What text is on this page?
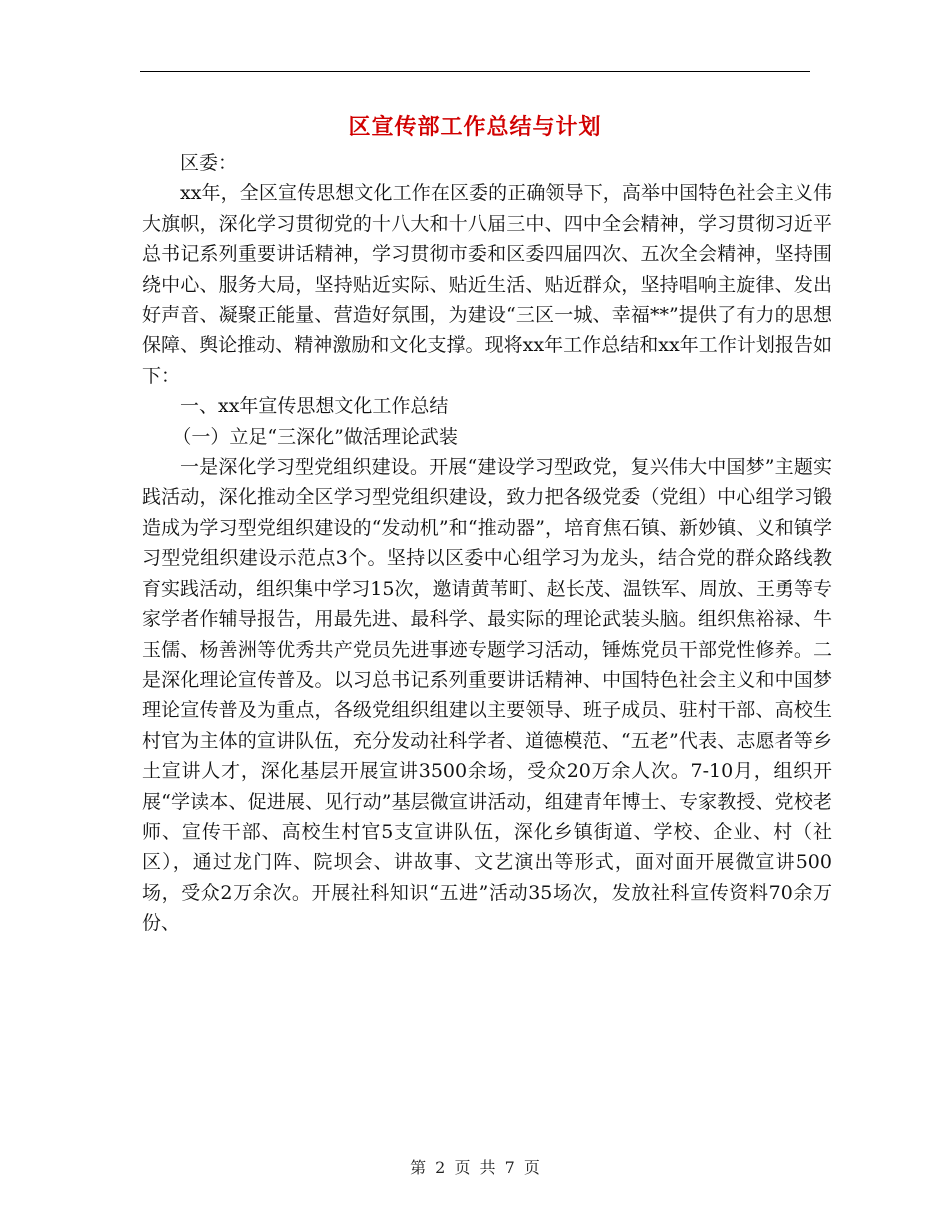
区宣传部工作总结与计划

区委：

xx年，全区宣传思想文化工作在区委的正确领导下，高举中国特色社会主义伟大旗帜，深化学习贯彻党的十八大和十八届三中、四中全会精神，学习贯彻习近平总书记系列重要讲话精神，学习贯彻市委和区委四届四次、五次全会精神，坚持围绕中心、服务大局，坚持贴近实际、贴近生活、贴近群众，坚持唱响主旋律、发出好声音、凝聚正能量、营造好氛围，为建设“三区一城、幸福**”提供了有力的思想保障、舆论推动、精神激励和文化支撑。现将xx年工作总结和xx年工作计划报告如下：

一、xx年宣传思想文化工作总结

（一）立足“三深化”做活理论武装

一是深化学习型党组织建设。开展“建设学习型政党，复兴伟大中国梦”主题实践活动，深化推动全区学习型党组织建设，致力把各级党委（党组）中心组学习锻造成为学习型党组织建设的“发动机”和“推动器”，培育焦石镇、新妙镇、义和镇学习型党组织建设示范点3个。坚持以区委中心组学习为龙头，结合党的群众路线教育实践活动，组织集中学习15次，邀请黄苇町、赵长茂、温铁军、周放、王勇等专家学者作辅导报告，用最先进、最科学、最实际的理论武装头脑。组织焦裕禄、牛玉儒、杨善洲等优秀共产党员先进事迹专题学习活动，锤炼党员干部党性修养。二是深化理论宣传普及。以习总书记系列重要讲话精神、中国特色社会主义和中国梦理论宣传普及为重点，各级党组织组建以主要领导、班子成员、驻村干部、高校生村官为主体的宣讲队伍，充分发动社科学者、道德模范、“五老”代表、志愿者等乡土宣讲人才，深化基层开展宣讲3500余场，受众20万余人次。7-10月，组织开展“学读本、促进展、见行动”基层微宣讲活动，组建青年博士、专家教授、党校老师、宣传干部、高校生村官5支宣讲队伍，深化乡镇街道、学校、企业、村（社区），通过龙门阵、院坝会、讲故事、文艺演出等形式，面对面开展微宣讲500场，受众2万余次。开展社科知识“五进”活动35场次，发放社科宣传资料70余万份、

第 2 页 共 7 页
